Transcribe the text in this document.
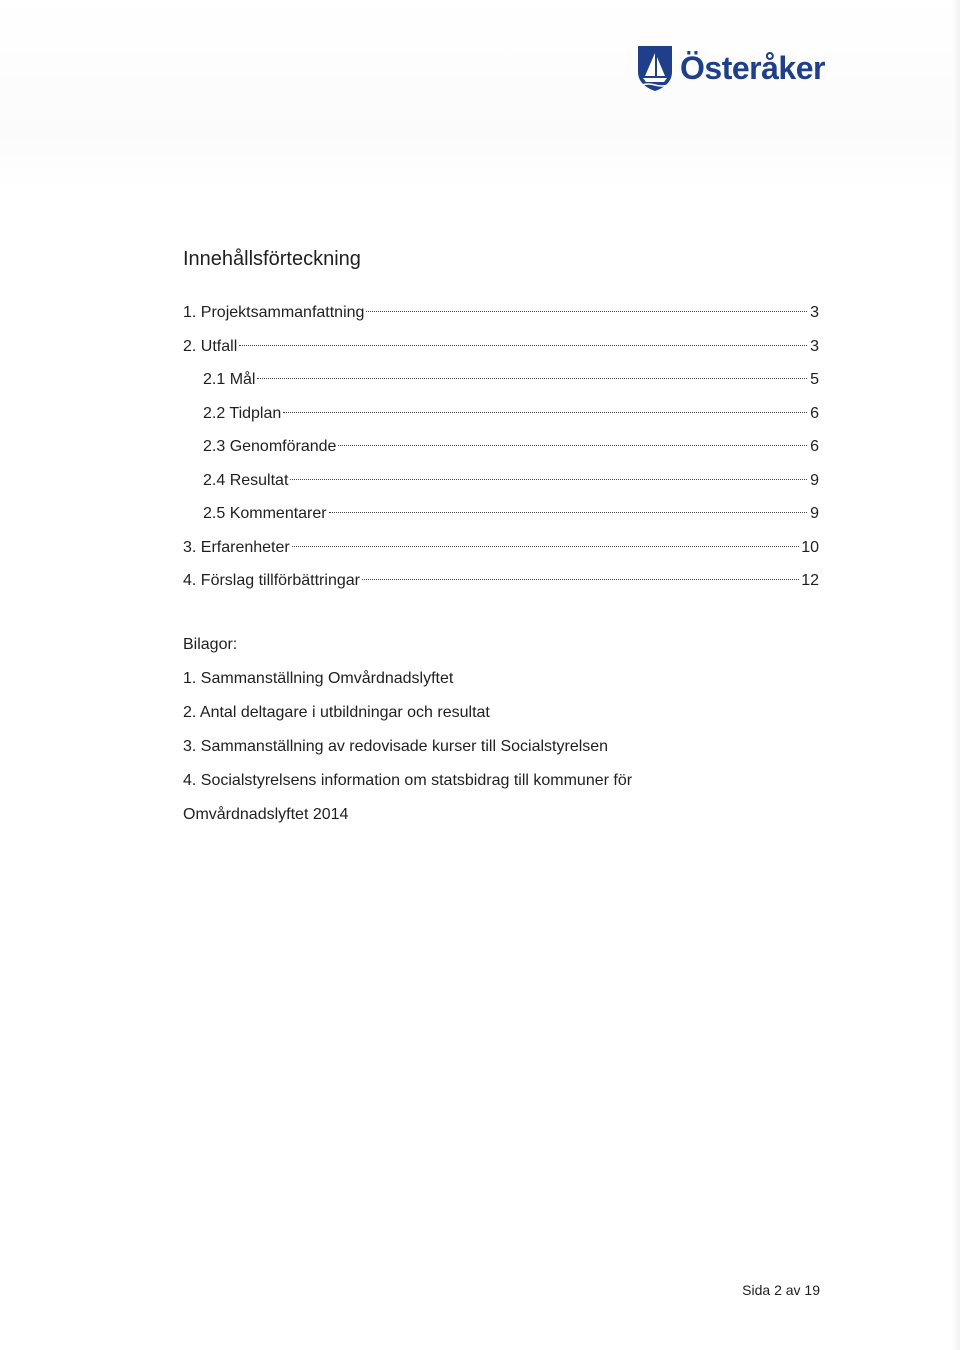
Österåker
Innehållsförteckning
1. Projektsammanfattning	3
2. Utfall	3
2.1 Mål	5
2.2 Tidplan	6
2.3 Genomförande	6
2.4 Resultat	9
2.5 Kommentarer	9
3. Erfarenheter	10
4. Förslag tillförbättringar	12
Bilagor:
1. Sammanställning Omvårdnadslyftet
2. Antal deltagare i utbildningar och resultat
3. Sammanställning av redovisade kurser till Socialstyrelsen
4. Socialstyrelsens information om statsbidrag till kommuner för Omvårdnadslyftet 2014
Sida 2 av 19
